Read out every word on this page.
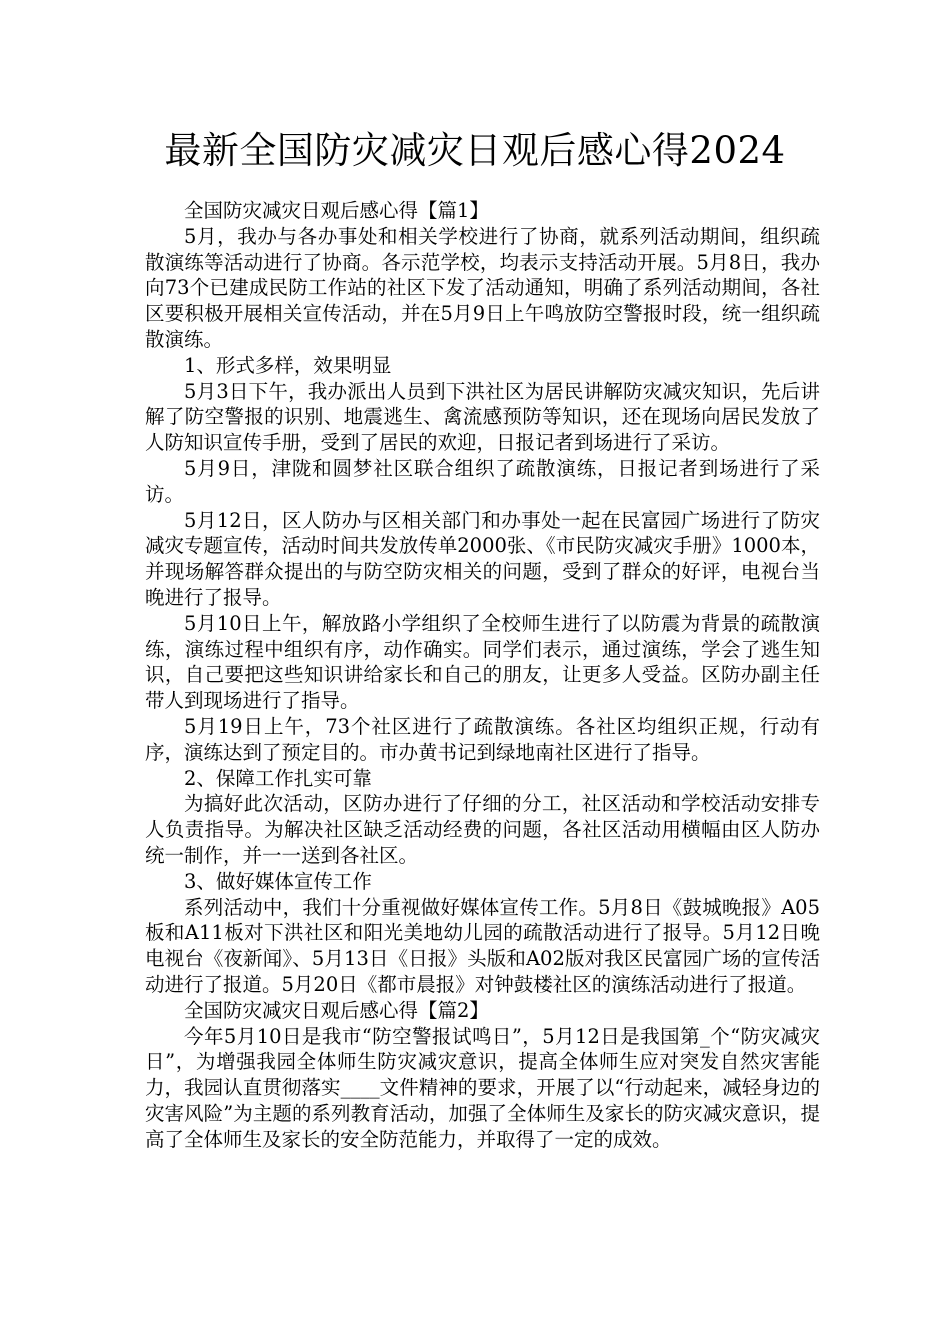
最新全国防灾减灾日观后感心得2024

全国防灾减灾日观后感心得【篇1】

5月，我办与各办事处和相关学校进行了协商，就系列活动期间，组织疏散演练等活动进行了协商。各示范学校，均表示支持活动开展。5月8日，我办向73个已建成民防工作站的社区下发了活动通知，明确了系列活动期间，各社区要积极开展相关宣传活动，并在5月9日上午鸣放防空警报时段，统一组织疏散演练。

1、形式多样，效果明显

5月3日下午，我办派出人员到下洪社区为居民讲解防灾减灾知识，先后讲解了防空警报的识别、地震逃生、禽流感预防等知识，还在现场向居民发放了人防知识宣传手册，受到了居民的欢迎，日报记者到场进行了采访。

5月9日，津陇和圆梦社区联合组织了疏散演练，日报记者到场进行了采访。

5月12日，区人防办与区相关部门和办事处一起在民富园广场进行了防灾减灾专题宣传，活动时间共发放传单2000张、《市民防灾减灾手册》1000本，并现场解答群众提出的与防空防灾相关的问题，受到了群众的好评，电视台当晚进行了报导。

5月10日上午，解放路小学组织了全校师生进行了以防震为背景的疏散演练，演练过程中组织有序，动作确实。同学们表示，通过演练，学会了逃生知识，自己要把这些知识讲给家长和自己的朋友，让更多人受益。区防办副主任带人到现场进行了指导。

5月19日上午，73个社区进行了疏散演练。各社区均组织正规，行动有序，演练达到了预定目的。市办黄书记到绿地南社区进行了指导。

2、保障工作扎实可靠

为搞好此次活动，区防办进行了仔细的分工，社区活动和学校活动安排专人负责指导。为解决社区缺乏活动经费的问题，各社区活动用横幅由区人防办统一制作，并一一送到各社区。

3、做好媒体宣传工作

系列活动中，我们十分重视做好媒体宣传工作。5月8日《鼓城晚报》A05板和A11板对下洪社区和阳光美地幼儿园的疏散活动进行了报导。5月12日晚电视台《夜新闻》、5月13日《日报》头版和A02版对我区民富园广场的宣传活动进行了报道。5月20日《都市晨报》对钟鼓楼社区的演练活动进行了报道。

全国防灾减灾日观后感心得【篇2】

今年5月10日是我市“防空警报试鸣日”，5月12日是我国第_个“防灾减灾日”，为增强我园全体师生防灾减灾意识，提高全体师生应对突发自然灾害能力，我园认直贯彻落实____文件精神的要求，开展了以“行动起来，减轻身边的灾害风险”为主题的系列教育活动，加强了全体师生及家长的防灾减灾意识，提高了全体师生及家长的安全防范能力，并取得了一定的成效。
